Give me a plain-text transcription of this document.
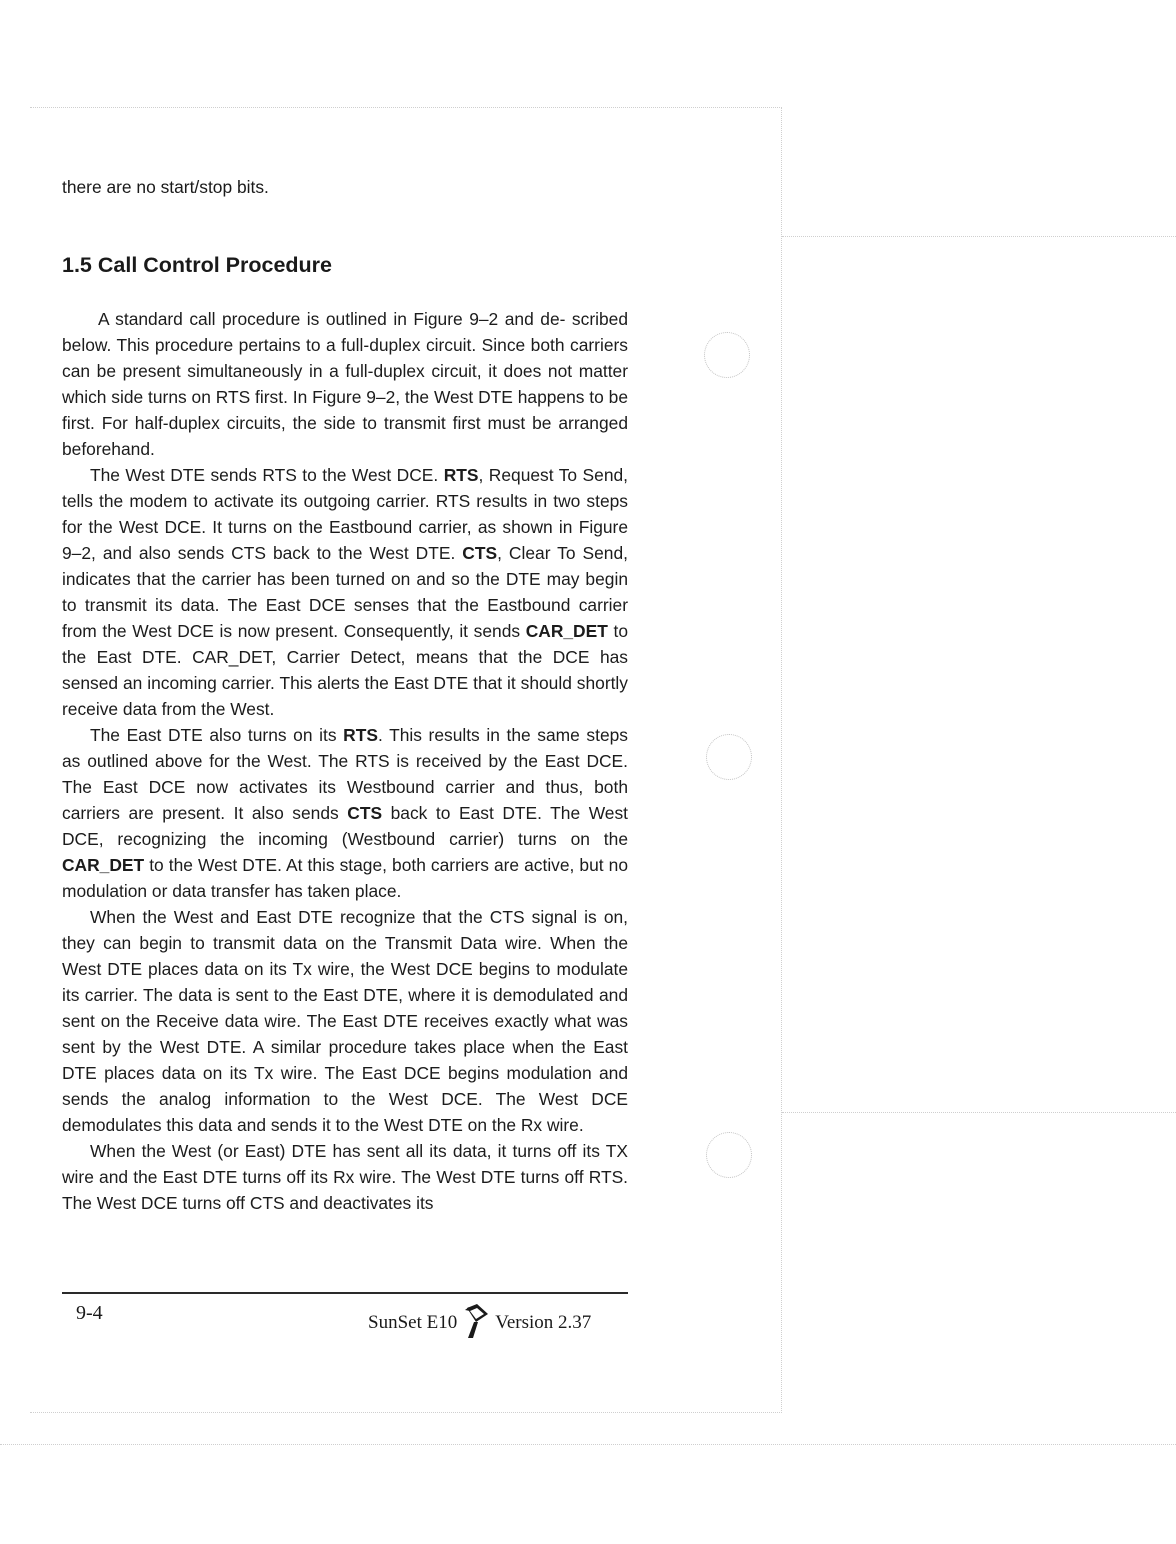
there are no start/stop bits.

1.5 Call Control Procedure

A standard call procedure is outlined in Figure 9–2 and de- scribed below. This procedure pertains to a full-duplex circuit. Since both carriers can be present simultaneously in a full-duplex circuit, it does not matter which side turns on RTS first. In Figure 9–2, the West DTE happens to be first. For half-duplex circuits, the side to transmit first must be arranged beforehand.

The West DTE sends RTS to the West DCE. RTS, Request To Send, tells the modem to activate its outgoing carrier. RTS results in two steps for the West DCE. It turns on the Eastbound carrier, as shown in Figure 9–2, and also sends CTS back to the West DTE. CTS, Clear To Send, indicates that the carrier has been turned on and so the DTE may begin to transmit its data. The East DCE senses that the Eastbound carrier from the West DCE is now present. Consequently, it sends CAR_DET to the East DTE. CAR_DET, Carrier Detect, means that the DCE has sensed an incoming carrier. This alerts the East DTE that it should shortly receive data from the West.

The East DTE also turns on its RTS. This results in the same steps as outlined above for the West. The RTS is received by the East DCE. The East DCE now activates its Westbound carrier and thus, both carriers are present. It also sends CTS back to East DTE. The West DCE, recognizing the incoming (Westbound carrier) turns on the CAR_DET to the West DTE. At this stage, both carriers are active, but no modulation or data transfer has taken place.

When the West and East DTE recognize that the CTS signal is on, they can begin to transmit data on the Transmit Data wire. When the West DTE places data on its Tx wire, the West DCE begins to modulate its carrier. The data is sent to the East DTE, where it is demodulated and sent on the Receive data wire. The East DTE receives exactly what was sent by the West DTE. A similar procedure takes place when the East DTE places data on its Tx wire. The East DCE begins modulation and sends the analog information to the West DCE. The West DCE demodulates this data and sends it to the West DTE on the Rx wire.

When the West (or East) DTE has sent all its data, it turns off its TX wire and the East DTE turns off its Rx wire. The West DTE turns off RTS. The West DCE turns off CTS and deactivates its

9-4	SunSet E10 Version 2.37
